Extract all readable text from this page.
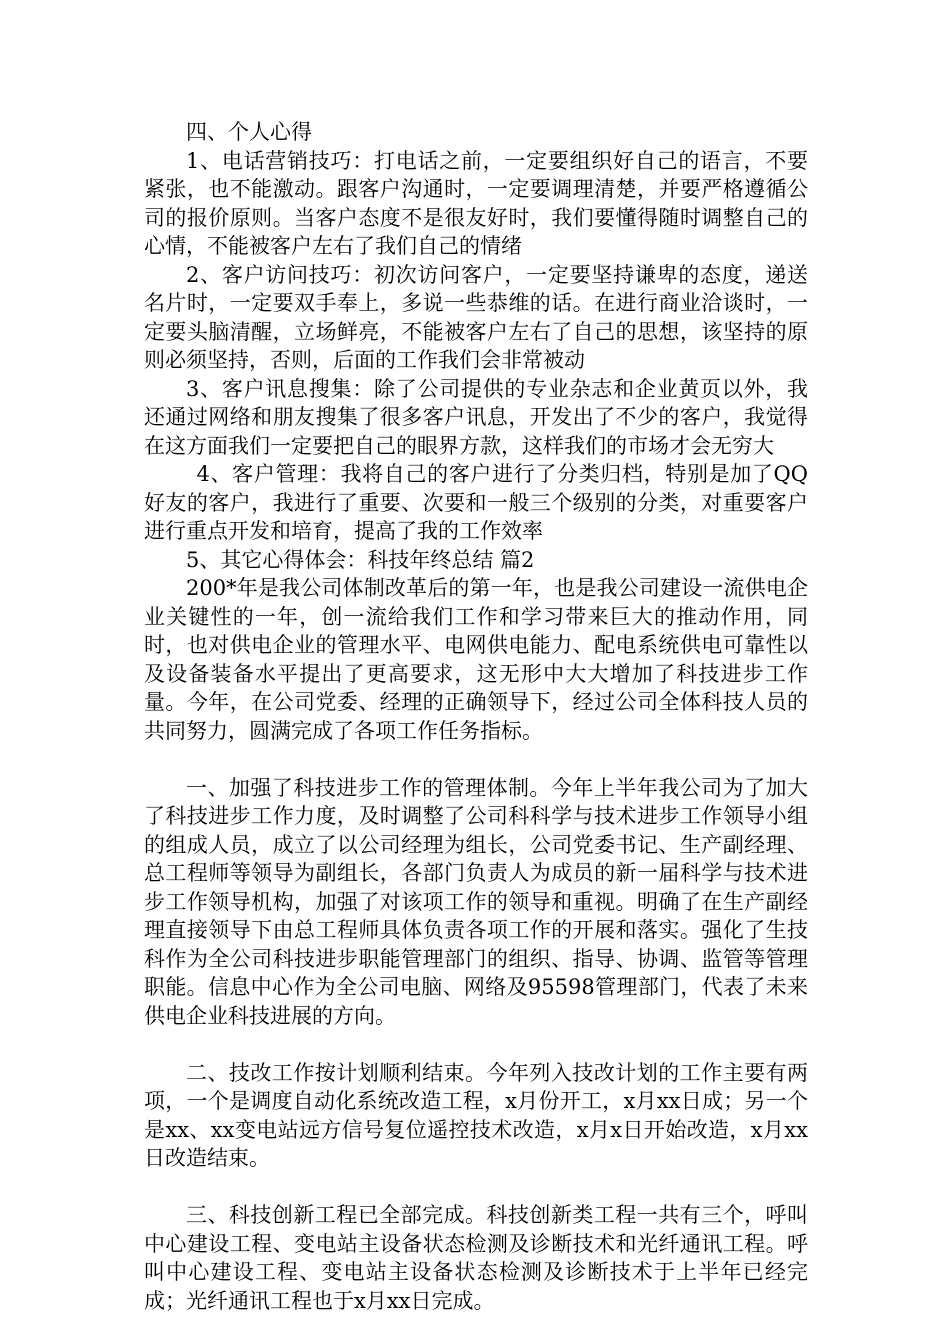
四、个人心得

1、电话营销技巧：打电话之前，一定要组织好自己的语言，不要紧张，也不能激动。跟客户沟通时，一定要调理清楚，并要严格遵循公司的报价原则。当客户态度不是很友好时，我们要懂得随时调整自己的心情，不能被客户左右了我们自己的情绪

2、客户访问技巧：初次访问客户，一定要坚持谦卑的态度，递送名片时，一定要双手奉上，多说一些恭维的话。在进行商业洽谈时，一定要头脑清醒，立场鲜亮，不能被客户左右了自己的思想，该坚持的原则必须坚持，否则，后面的工作我们会非常被动

3、客户讯息搜集：除了公司提供的专业杂志和企业黄页以外，我还通过网络和朋友搜集了很多客户讯息，开发出了不少的客户，我觉得在这方面我们一定要把自己的眼界方款，这样我们的市场才会无穷大

4、客户管理：我将自己的客户进行了分类归档，特别是加了QQ好友的客户，我进行了重要、次要和一般三个级别的分类，对重要客户进行重点开发和培育，提高了我的工作效率

5、其它心得体会：科技年终总结 篇2

200*年是我公司体制改革后的第一年，也是我公司建设一流供电企业关键性的一年，创一流给我们工作和学习带来巨大的推动作用，同时，也对供电企业的管理水平、电网供电能力、配电系统供电可靠性以及设备装备水平提出了更高要求，这无形中大大增加了科技进步工作量。今年，在公司党委、经理的正确领导下，经过公司全体科技人员的共同努力，圆满完成了各项工作任务指标。

一、加强了科技进步工作的管理体制。今年上半年我公司为了加大了科技进步工作力度，及时调整了公司科科学与技术进步工作领导小组的组成人员，成立了以公司经理为组长，公司党委书记、生产副经理、总工程师等领导为副组长，各部门负责人为成员的新一届科学与技术进步工作领导机构，加强了对该项工作的领导和重视。明确了在生产副经理直接领导下由总工程师具体负责各项工作的开展和落实。强化了生技科作为全公司科技进步职能管理部门的组织、指导、协调、监管等管理职能。信息中心作为全公司电脑、网络及95598管理部门，代表了未来供电企业科技进展的方向。

二、技改工作按计划顺利结束。今年列入技改计划的工作主要有两项，一个是调度自动化系统改造工程，x月份开工，x月xx日成；另一个是xx、xx变电站远方信号复位遥控技术改造，x月x日开始改造，x月xx日改造结束。

三、科技创新工程已全部完成。科技创新类工程一共有三个，呼叫中心建设工程、变电站主设备状态检测及诊断技术和光纤通讯工程。呼叫中心建设工程、变电站主设备状态检测及诊断技术于上半年已经完成；光纤通讯工程也于x月xx日完成。
